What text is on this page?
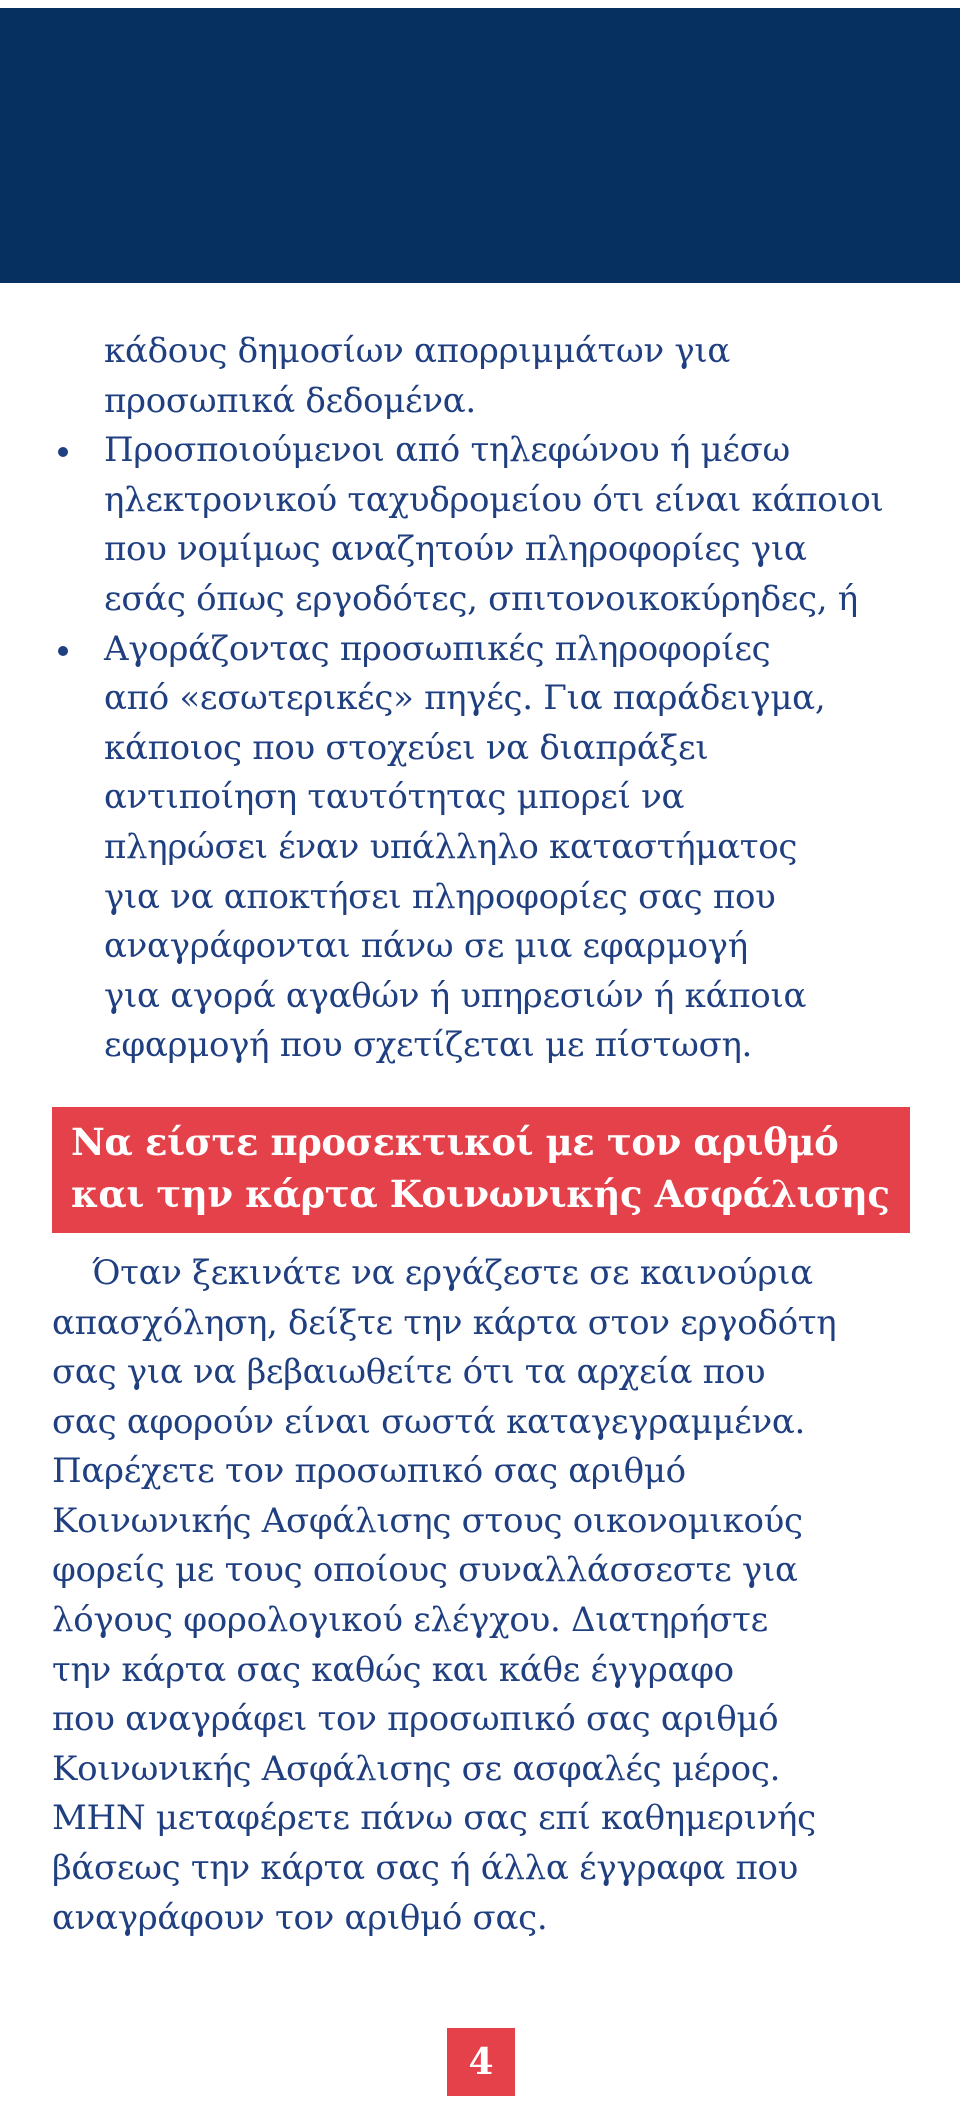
κάδους δημοσίων απορριμμάτων για
προσωπικά δεδομένα.
Προσποιούμενοι από τηλεφώνου ή μέσω
ηλεκτρονικού ταχυδρομείου ότι είναι κάποιοι
που νομίμως αναζητούν πληροφορίες για
εσάς όπως εργοδότες, σπιτονοικοκύρηδες, ή
Αγοράζοντας προσωπικές πληροφορίες
από «εσωτερικές» πηγές. Για παράδειγμα,
κάποιος που στοχεύει να διαπράξει
αντιποίηση ταυτότητας μπορεί να
πληρώσει έναν υπάλληλο καταστήματος
για να αποκτήσει πληροφορίες σας που
αναγράφονται πάνω σε μια εφαρμογή
για αγορά αγαθών ή υπηρεσιών ή κάποια
εφαρμογή που σχετίζεται με πίστωση.
Να είστε προσεκτικοί με τον αριθμό
και την κάρτα Κοινωνικής Ασφάλισης
Όταν ξεκινάτε να εργάζεστε σε καινούρια
απασχόληση, δείξτε την κάρτα στον εργοδότη
σας για να βεβαιωθείτε ότι τα αρχεία που
σας αφορούν είναι σωστά καταγεγραμμένα.
Παρέχετε τον προσωπικό σας αριθμό
Κοινωνικής Ασφάλισης στους οικονομικούς
φορείς με τους οποίους συναλλάσσεστε για
λόγους φορολογικού ελέγχου. Διατηρήστε
την κάρτα σας καθώς και κάθε έγγραφο
που αναγράφει τον προσωπικό σας αριθμό
Κοινωνικής Ασφάλισης σε ασφαλές μέρος.
ΜΗΝ μεταφέρετε πάνω σας επί καθημερινής
βάσεως την κάρτα σας ή άλλα έγγραφα που
αναγράφουν τον αριθμό σας.
4
